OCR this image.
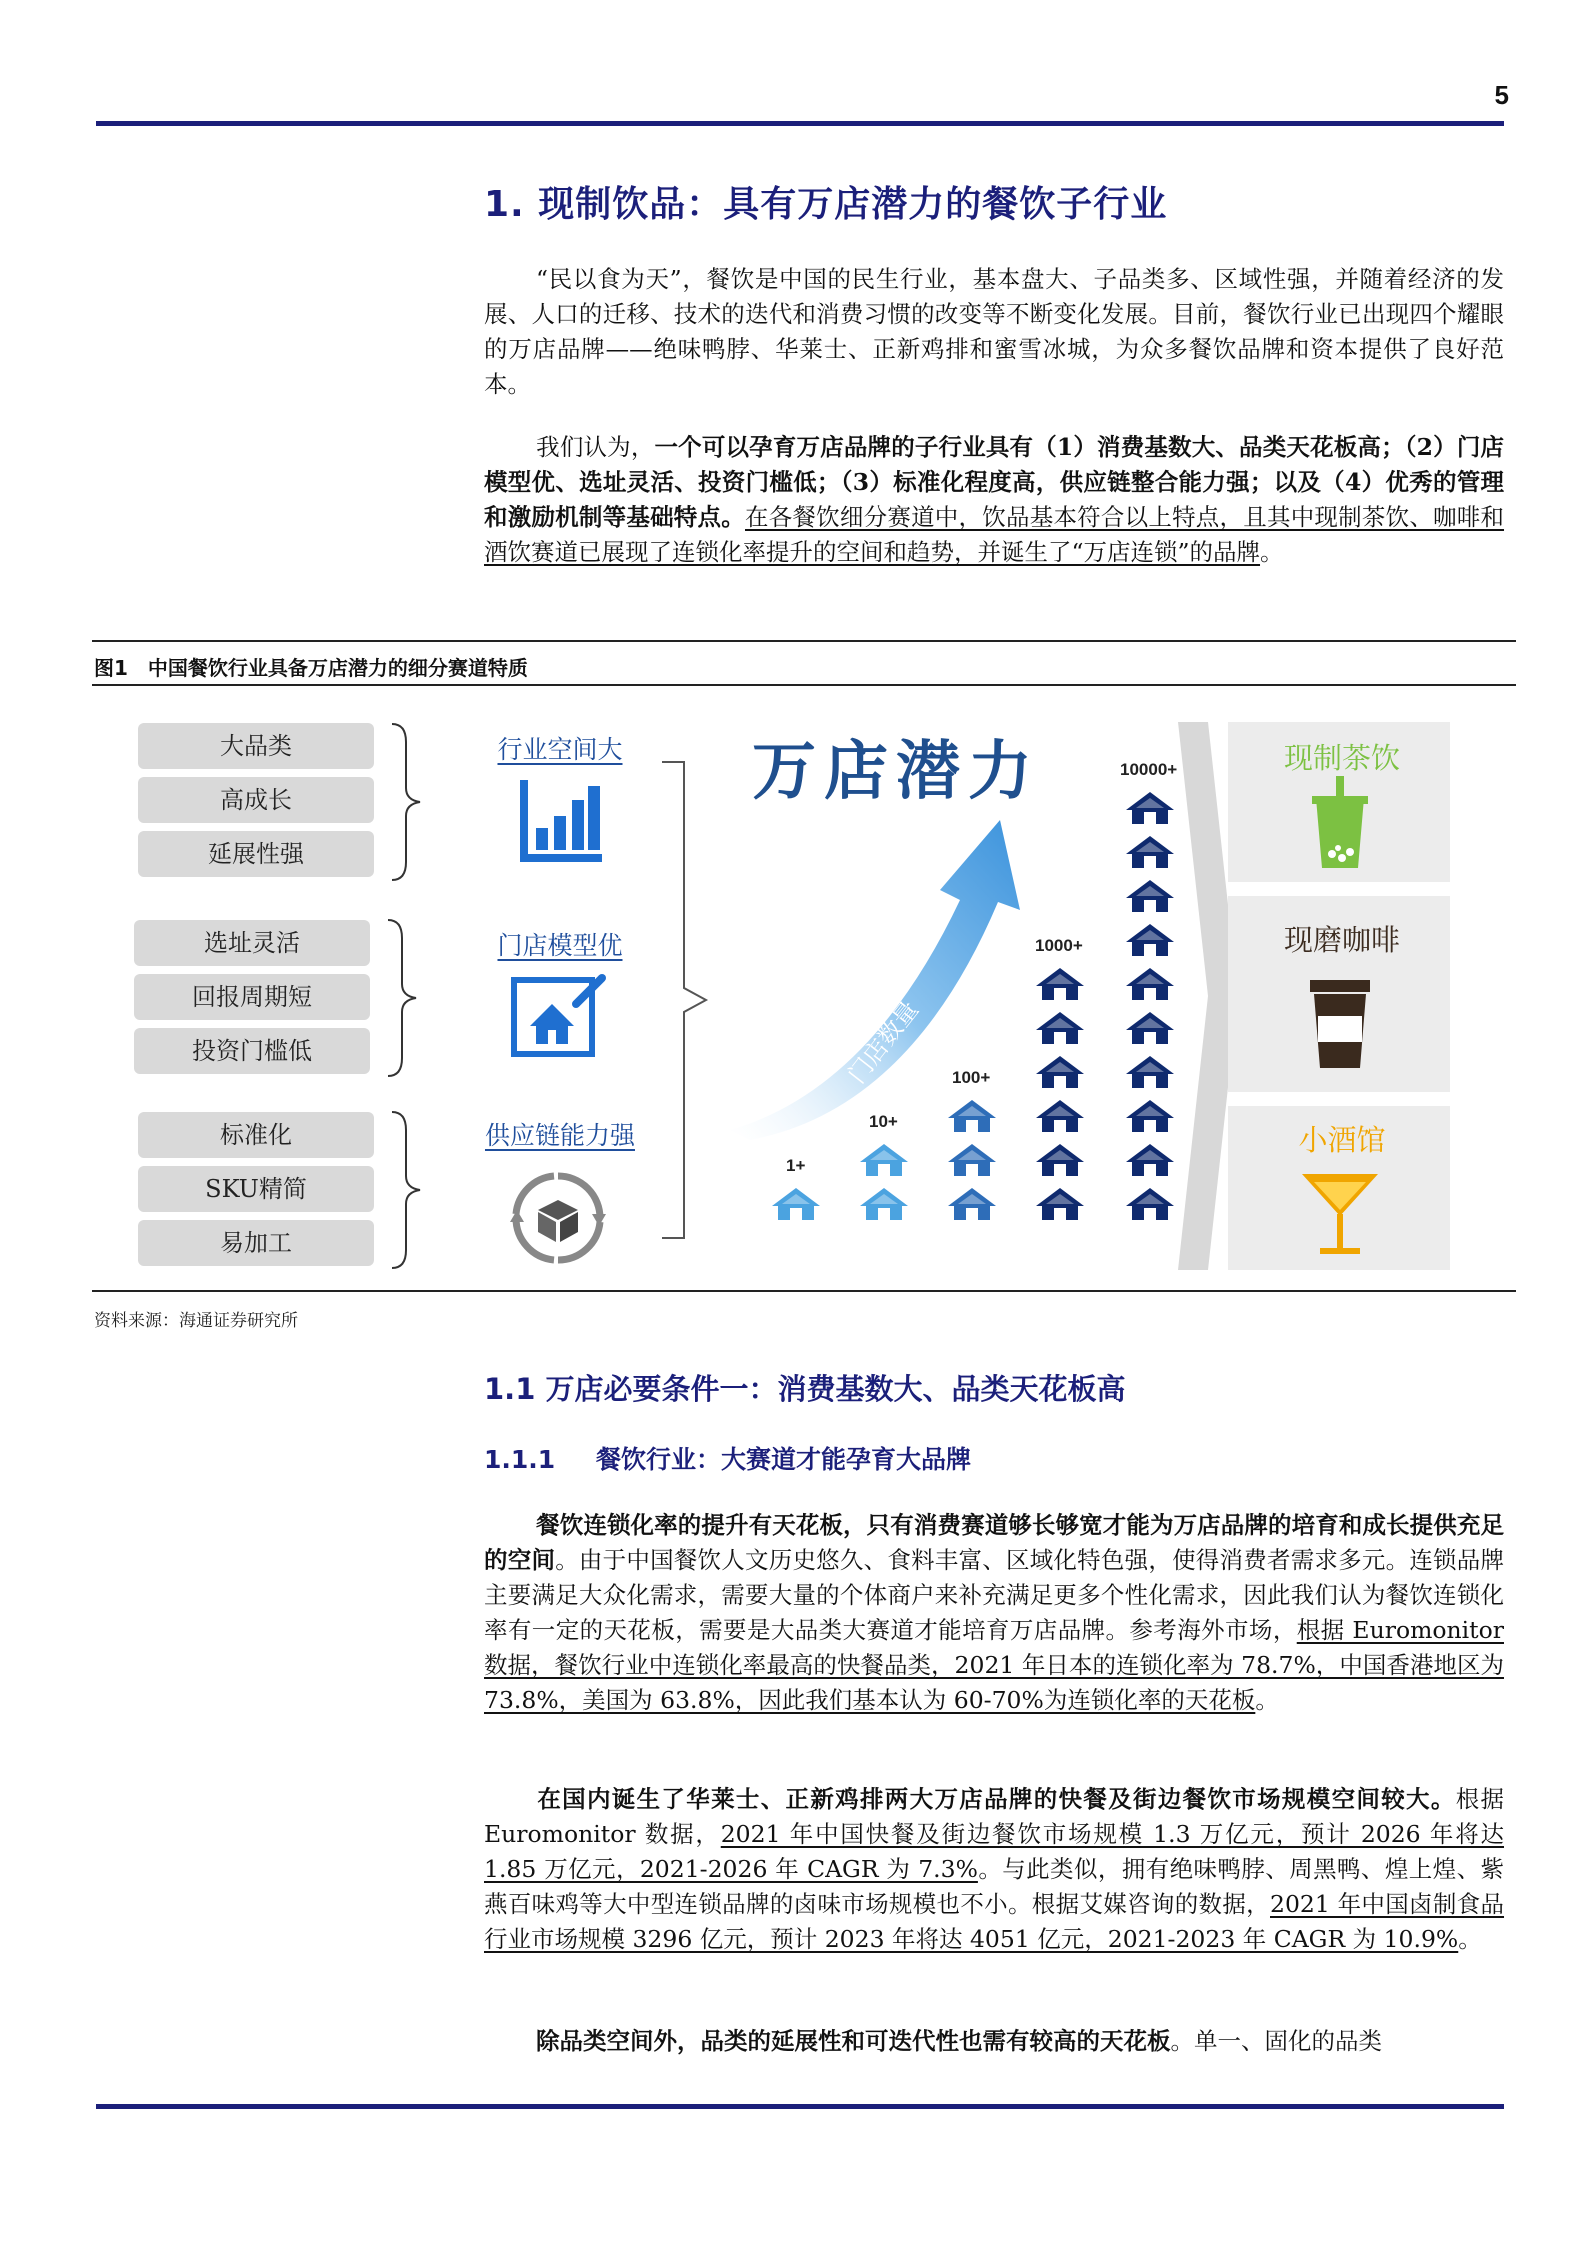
5
1. 现制饮品：具有万店潜力的餐饮子行业

“民以食为天”，餐饮是中国的民生行业，基本盘大、子品类多、区域性强，并随着经济的发展、人口的迁移、技术的迭代和消费习惯的改变等不断变化发展。目前，餐饮行业已出现四个耀眼的万店品牌——绝味鸭脖、华莱士、正新鸡排和蜜雪冰城，为众多餐饮品牌和资本提供了良好范本。

我们认为，一个可以孕育万店品牌的子行业具有（1）消费基数大、品类天花板高；（2）门店模型优、选址灵活、投资门槛低；（3）标准化程度高，供应链整合能力强；以及（4）优秀的管理和激励机制等基础特点。在各餐饮细分赛道中，饮品基本符合以上特点，且其中现制茶饮、咖啡和酒饮赛道已展现了连锁化率提升的空间和趋势，并诞生了“万店连锁”的品牌。

图1 中国餐饮行业具备万店潜力的细分赛道特质
大品类
高成长
延展性强
选址灵活
回报周期短
投资门槛低
标准化
SKU精简
易加工
行业空间大
门店模型优
供应链能力强
万店潜力
门店数量
1+
10+
100+
1000+
10000+	现制茶饮
现磨咖啡
小酒馆
资料来源：海通证券研究所
1.1 万店必要条件一：消费基数大、品类天花板高
1.1.1 餐饮行业：大赛道才能孕育大品牌

餐饮连锁化率的提升有天花板，只有消费赛道够长够宽才能为万店品牌的培育和成长提供充足的空间。由于中国餐饮人文历史悠久、食料丰富、区域化特色强，使得消费者需求多元。连锁品牌主要满足大众化需求，需要大量的个体商户来补充满足更多个性化需求，因此我们认为餐饮连锁化率有一定的天花板，需要是大品类大赛道才能培育万店品牌。参考海外市场，根据 Euromonitor 数据，餐饮行业中连锁化率最高的快餐品类，2021 年日本的连锁化率为 78.7%，中国香港地区为 73.8%，美国为 63.8%，因此我们基本认为 60-70%为连锁化率的天花板。

在国内诞生了华莱士、正新鸡排两大万店品牌的快餐及街边餐饮市场规模空间较大。根据 Euromonitor 数据，2021 年中国快餐及街边餐饮市场规模 1.3 万亿元，预计 2026 年将达 1.85 万亿元，2021-2026 年 CAGR 为 7.3%。与此类似，拥有绝味鸭脖、周黑鸭、煌上煌、紫燕百味鸡等大中型连锁品牌的卤味市场规模也不小。根据艾媒咨询的数据，2021 年中国卤制食品行业市场规模 3296 亿元，预计 2023 年将达 4051 亿元，2021-2023 年 CAGR 为 10.9%。

除品类空间外，品类的延展性和可迭代性也需有较高的天花板。单一、固化的品类
